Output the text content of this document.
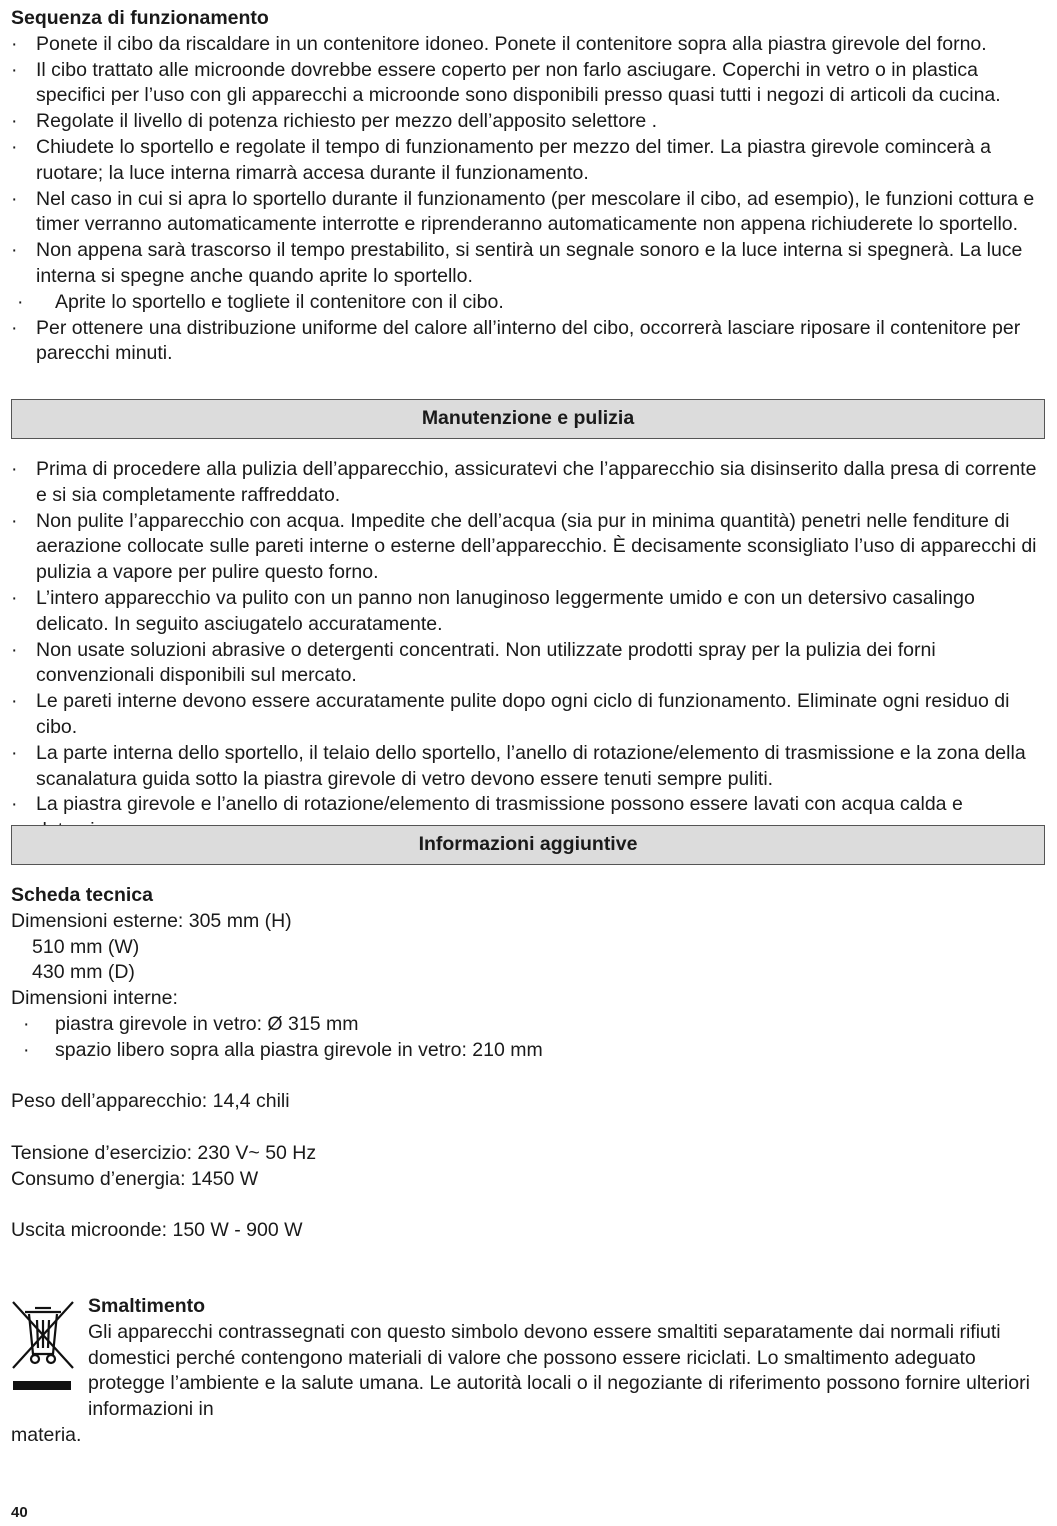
Sequenza di funzionamento
· Ponete il cibo da riscaldare in un contenitore idoneo. Ponete il contenitore sopra alla piastra girevole del forno.
· Il cibo trattato alle microonde dovrebbe essere coperto per non farlo asciugare. Coperchi in vetro o in plastica specifici per l’uso con gli apparecchi a microonde sono disponibili presso quasi tutti i negozi di articoli da cucina.
· Regolate il livello di potenza richiesto per mezzo dell’apposito selettore .
· Chiudete lo sportello e regolate il tempo di funzionamento per mezzo del timer. La piastra girevole comincerà a ruotare; la luce interna rimarrà accesa durante il funzionamento.
· Nel caso in cui si apra lo sportello durante il funzionamento (per mescolare il cibo, ad esempio), le funzioni cottura e timer verranno automaticamente interrotte e riprenderanno automaticamente non appena richiuderete lo sportello.
· Non appena sarà trascorso il tempo prestabilito, si sentirà un segnale sonoro e la luce interna si spegnerà. La luce interna si spegne anche quando aprite lo sportello.
· Aprite lo sportello e togliete il contenitore con il cibo.
· Per ottenere una distribuzione uniforme del calore all’interno del cibo, occorrerà lasciare riposare il contenitore per parecchi minuti.
Manutenzione e pulizia
· Prima di procedere alla pulizia dell’apparecchio, assicuratevi che l’apparecchio sia disinserito dalla presa di corrente e si sia completamente raffreddato.
· Non pulite l’apparecchio con acqua. Impedite che dell’acqua (sia pur in minima quantità) penetri nelle fenditure di aerazione collocate sulle pareti interne o esterne dell’apparecchio. È decisamente sconsigliato l’uso di apparecchi di pulizia a vapore per pulire questo forno.
· L’intero apparecchio va pulito con un panno non lanuginoso leggermente umido e con un detersivo casalingo delicato. In seguito asciugatelo accuratamente.
· Non usate soluzioni abrasive o detergenti concentrati. Non utilizzate prodotti spray per la pulizia dei forni convenzionali disponibili sul mercato.
· Le pareti interne devono essere accuratamente pulite dopo ogni ciclo di funzionamento. Eliminate ogni residuo di cibo.
· La parte interna dello sportello, il telaio dello sportello, l’anello di rotazione/elemento di trasmissione e la zona della scanalatura guida sotto la piastra girevole di vetro devono essere tenuti sempre puliti.
· La piastra girevole e l’anello di rotazione/elemento di trasmissione possono essere lavati con acqua calda e
Informazioni aggiuntive
Scheda tecnica
Dimensioni esterne: 305 mm (H)
510 mm (W)
430 mm (D)
Dimensioni interne:
· piastra girevole in vetro: Ø 315 mm
· spazio libero sopra alla piastra girevole in vetro: 210 mm
Peso dell’apparecchio: 14,4 chili
Tensione d’esercizio: 230 V~ 50 Hz
Consumo d’energia: 1450 W
Uscita microonde: 150 W - 900 W
Smaltimento
Gli apparecchi contrassegnati con questo simbolo devono essere smaltiti separatamente dai normali rifiuti domestici perché contengono materiali di valore che possono essere riciclati. Lo smaltimento adeguato protegge l’ambiente e la salute umana. Le autorità locali o il negoziante di riferimento possono fornire ulteriori informazioni in
materia.
40
